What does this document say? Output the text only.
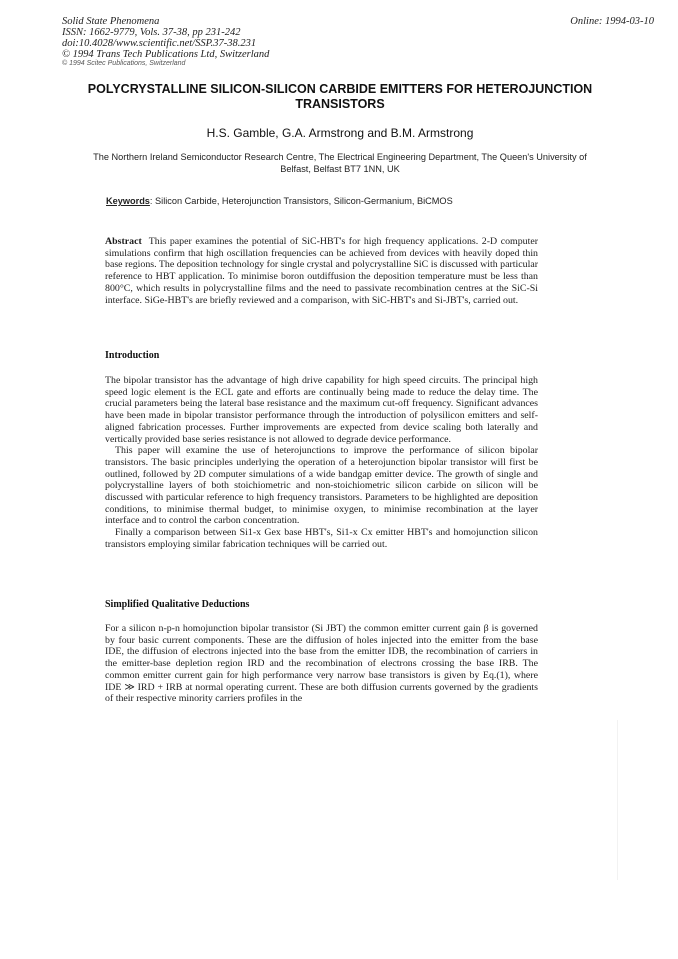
Solid State Phenomena
ISSN: 1662-9779, Vols. 37-38, pp 231-242
doi:10.4028/www.scientific.net/SSP.37-38.231
© 1994 Trans Tech Publications Ltd, Switzerland
Online: 1994-03-10
© 1994 Scitec Publications, Switzerland
POLYCRYSTALLINE SILICON-SILICON CARBIDE EMITTERS FOR HETEROJUNCTION TRANSISTORS
H.S. Gamble, G.A. Armstrong and B.M. Armstrong
The Northern Ireland Semiconductor Research Centre, The Electrical Engineering Department, The Queen's University of Belfast, Belfast BT7 1NN, UK
Keywords: Silicon Carbide, Heterojunction Transistors, Silicon-Germanium, BiCMOS
Abstract This paper examines the potential of SiC-HBT's for high frequency applications. 2-D computer simulations confirm that high oscillation frequencies can be achieved from devices with heavily doped thin base regions. The deposition technology for single crystal and polycrystalline SiC is discussed with particular reference to HBT application. To minimise boron outdiffusion the deposition temperature must be less than 800°C, which results in polycrystalline films and the need to passivate recombination centres at the SiC-Si interface. SiGe-HBT's are briefly reviewed and a comparison, with SiC-HBT's and Si-JBT's, carried out.
Introduction
The bipolar transistor has the advantage of high drive capability for high speed circuits. The principal high speed logic element is the ECL gate and efforts are continually being made to reduce the delay time. The crucial parameters being the lateral base resistance and the maximum cut-off frequency. Significant advances have been made in bipolar transistor performance through the introduction of polysilicon emitters and self-aligned fabrication processes. Further improvements are expected from device scaling both laterally and vertically provided base series resistance is not allowed to degrade device performance.
This paper will examine the use of heterojunctions to improve the performance of silicon bipolar transistors. The basic principles underlying the operation of a heterojunction bipolar transistor will first be outlined, followed by 2D computer simulations of a wide bandgap emitter device. The growth of single and polycrystalline layers of both stoichiometric and non-stoichiometric silicon carbide on silicon will be discussed with particular reference to high frequency transistors. Parameters to be highlighted are deposition conditions, to minimise thermal budget, to minimise oxygen, to minimise recombination at the layer interface and to control the carbon concentration.
Finally a comparison between Si1-x Gex base HBT's, Si1-x Cx emitter HBT's and homojunction silicon transistors employing similar fabrication techniques will be carried out.
Simplified Qualitative Deductions
For a silicon n-p-n homojunction bipolar transistor (Si JBT) the common emitter current gain β is governed by four basic current components. These are the diffusion of holes injected into the emitter from the base IDE, the diffusion of electrons injected into the base from the emitter IDB, the recombination of carriers in the emitter-base depletion region IRD and the recombination of electrons crossing the base IRB. The common emitter current gain for high performance very narrow base transistors is given by Eq.(1), where IDE ≫ IRD + IRB at normal operating current. These are both diffusion currents governed by the gradients of their respective minority carriers profiles in the
